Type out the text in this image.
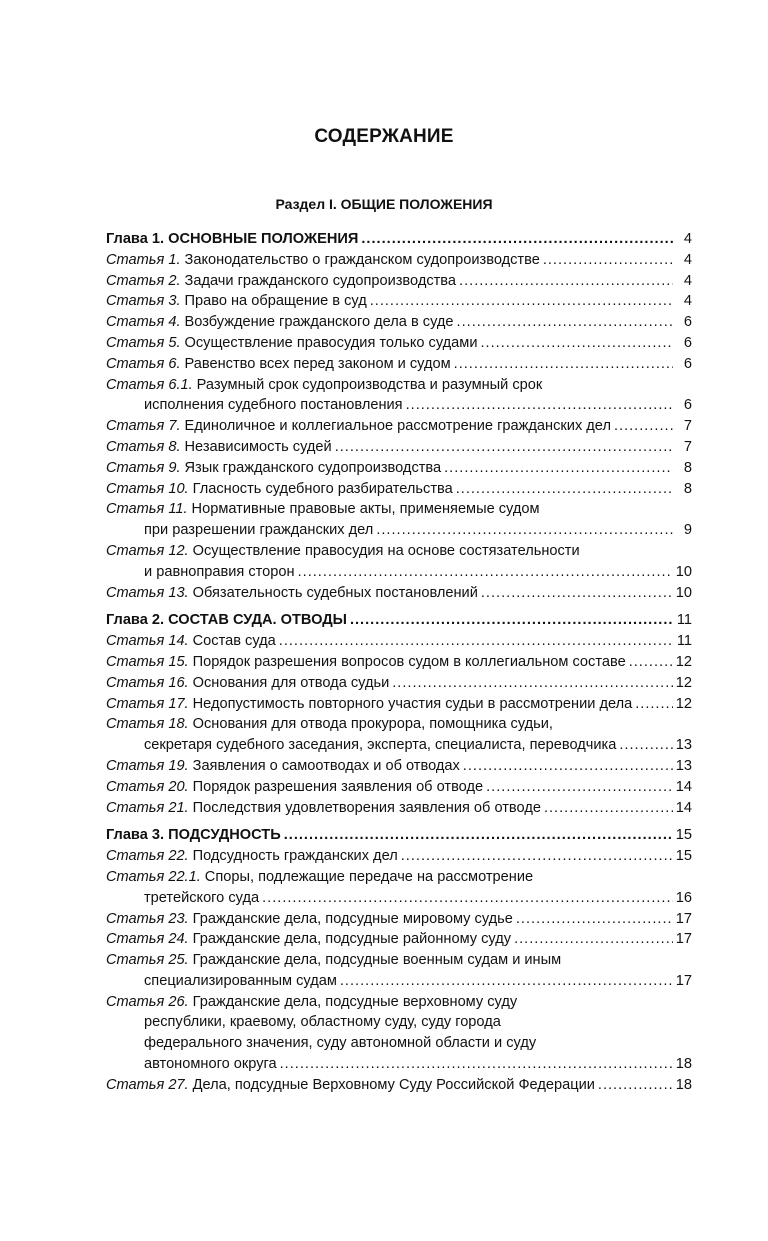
СОДЕРЖАНИЕ
Раздел I. ОБЩИЕ ПОЛОЖЕНИЯ
Глава 1. ОСНОВНЫЕ ПОЛОЖЕНИЯ .....	4
Статья 1. Законодательство о гражданском судопроизводстве .....	4
Статья 2. Задачи гражданского судопроизводства .....	4
Статья 3. Право на обращение в суд .....	4
Статья 4. Возбуждение гражданского дела в суде .....	6
Статья 5. Осуществление правосудия только судами .....	6
Статья 6. Равенство всех перед законом и судом .....	6
Статья 6.1. Разумный срок судопроизводства и разумный срок
исполнения судебного постановления .....	6
Статья 7. Единоличное и коллегиальное рассмотрение гражданских дел .....	7
Статья 8. Независимость судей .....	7
Статья 9. Язык гражданского судопроизводства .....	8
Статья 10. Гласность судебного разбирательства .....	8
Статья 11. Нормативные правовые акты, применяемые судом
при разрешении гражданских дел .....	9
Статья 12. Осуществление правосудия на основе состязательности
и равноправия сторон .....	10
Статья 13. Обязательность судебных постановлений .....	10
Глава 2. СОСТАВ СУДА. ОТВОДЫ .....	11
Статья 14. Состав суда .....	11
Статья 15. Порядок разрешения вопросов судом в коллегиальном составе .....	12
Статья 16. Основания для отвода судьи .....	12
Статья 17. Недопустимость повторного участия судьи в рассмотрении дела .....	12
Статья 18. Основания для отвода прокурора, помощника судьи,
секретаря судебного заседания, эксперта, специалиста, переводчика .....	13
Статья 19. Заявления о самоотводах и об отводах .....	13
Статья 20. Порядок разрешения заявления об отводе .....	14
Статья 21. Последствия удовлетворения заявления об отводе .....	14
Глава 3. ПОДСУДНОСТЬ .....	15
Статья 22. Подсудность гражданских дел .....	15
Статья 22.1. Споры, подлежащие передаче на рассмотрение
третейского суда .....	16
Статья 23. Гражданские дела, подсудные мировому судье .....	17
Статья 24. Гражданские дела, подсудные районному суду .....	17
Статья 25. Гражданские дела, подсудные военным судам и иным
специализированным судам .....	17
Статья 26. Гражданские дела, подсудные верховному суду
республики, краевому, областному суду, суду города
федерального значения, суду автономной области и суду
автономного округа .....	18
Статья 27. Дела, подсудные Верховному Суду Российской Федерации .....	18
